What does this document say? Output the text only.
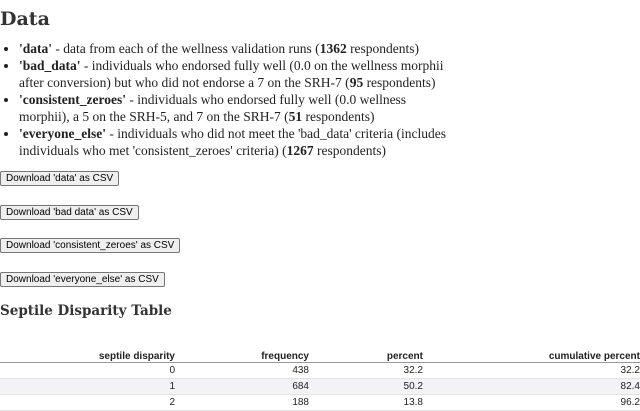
Data
• 'data' - data from each of the wellness validation runs (1362 respondents)
• 'bad_data' - individuals who endorsed fully well (0.0 on the wellness morphii after conversion) but who did not endorse a 7 on the SRH-7 (95 respondents)
• 'consistent_zeroes' - individuals who endorsed fully well (0.0 wellness morphii), a 5 on the SRH-5, and 7 on the SRH-7 (51 respondents)
• 'everyone_else' - individuals who did not meet the 'bad_data' criteria (includes individuals who met 'consistent_zeroes' criteria) (1267 respondents)
Download 'data' as CSV
Download 'bad data' as CSV
Download 'consistent_zeroes' as CSV
Download 'everyone_else' as CSV
Septile Disparity Table
septile disparity	frequency	percent	cumulative percent
0	438	32.2	32.2
1	684	50.2	82.4
2	188	13.8	96.2
